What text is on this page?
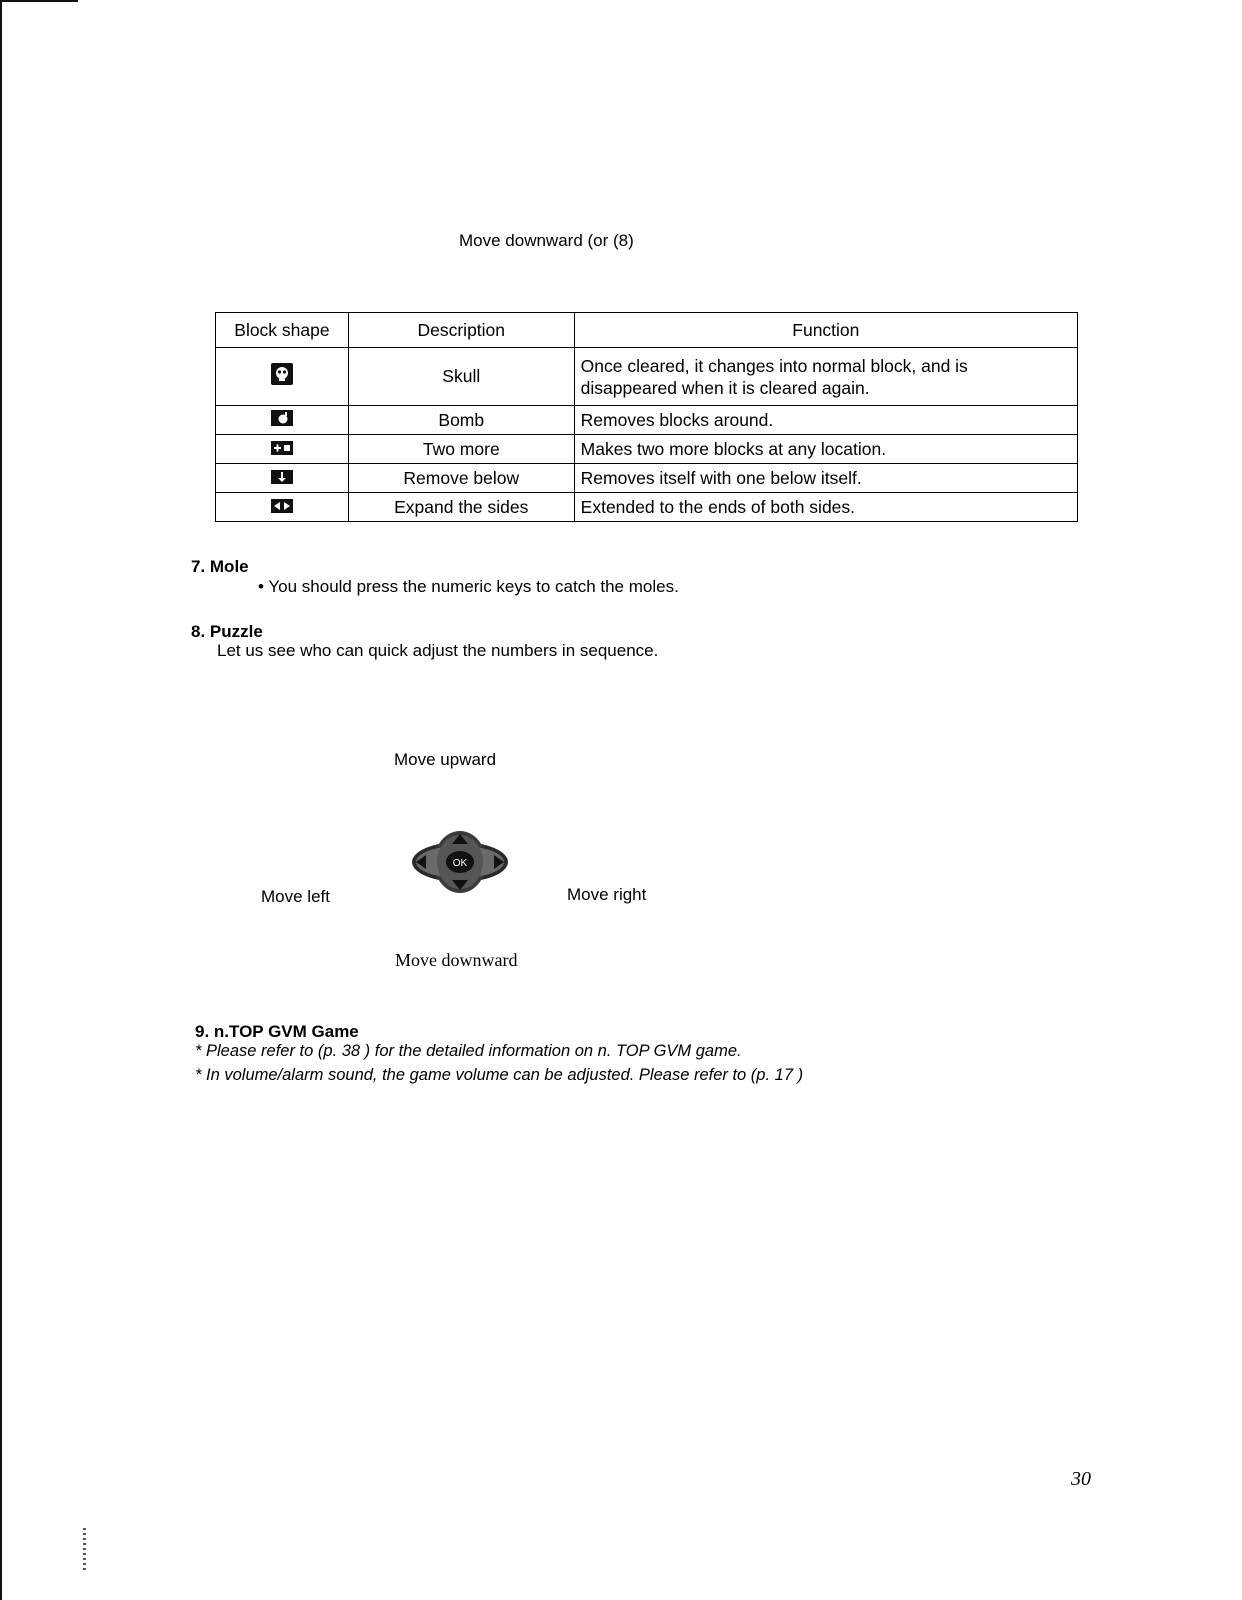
Move downward (or (8)
Block shape	Description	Function
	Skull	Once cleared, it changes into normal block, and is
disappeared when it is cleared again.

	Bomb	Removes blocks around.
	Two more	Makes two more blocks at any location.
	Remove below	Removes itself with one below itself.
	Expand the sides	Extended to the ends of both sides.
7. Mole
• You should press the numeric keys to catch the moles.
8. Puzzle
Let us see who can quick adjust the numbers in sequence.
Move upward
Move left	Move right
Move downward
OK
9. n.TOP GVM Game
* Please refer to (p. 38 ) for the detailed information on n. TOP GVM game.
* In volume/alarm sound, the game volume can be adjusted. Please refer to (p. 17 )
30
